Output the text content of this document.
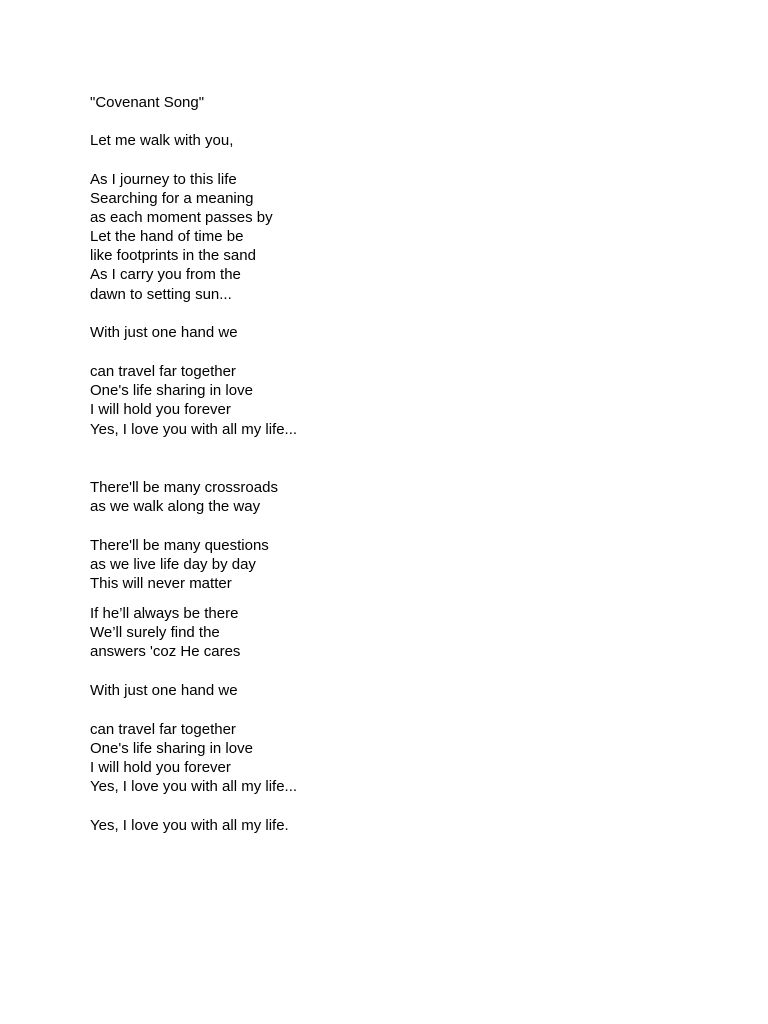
"Covenant Song"
Let me walk with you,
As I journey to this life
Searching for a meaning
as each moment passes by
Let the hand of time be
like footprints in the sand
As I carry you from the
dawn to setting sun...
With just one hand we
can travel far together
One's life sharing in love
I will hold you forever
Yes, I love you with all my life...
There'll be many crossroads
as we walk along the way
There'll be many questions
as we live life day by day
This will never matter
If he’ll always be there
We’ll surely find the
answers 'coz He cares
With just one hand we
can travel far together
One's life sharing in love
I will hold you forever
Yes, I love you with all my life...
Yes, I love you with all my life.
